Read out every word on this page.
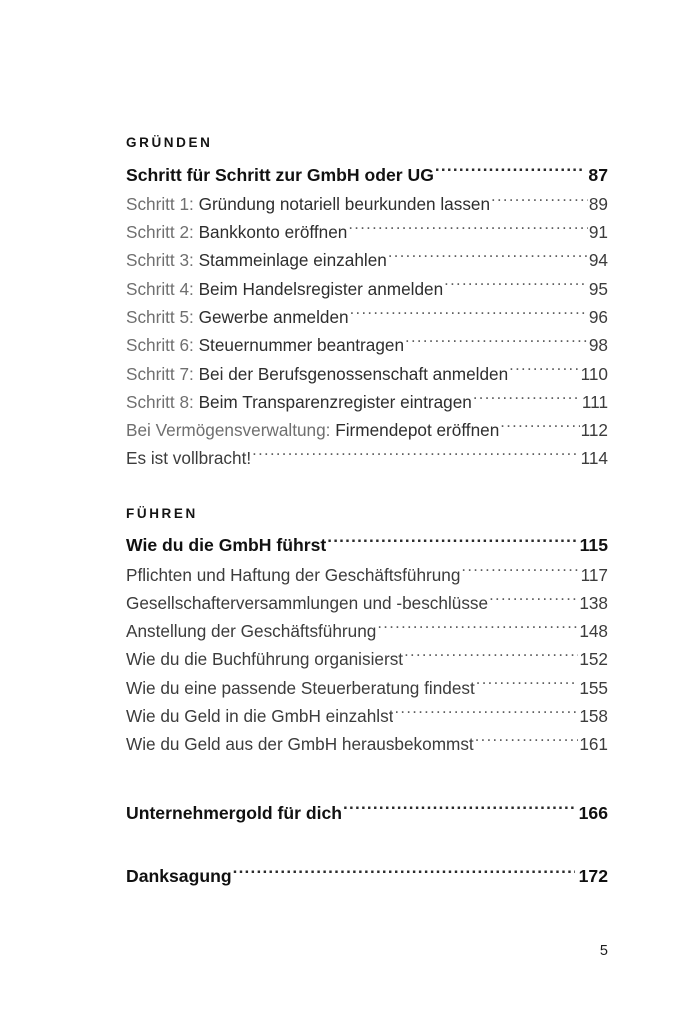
GRÜNDEN
Schritt für Schritt zur GmbH oder UG .....	87
Schritt 1: Gründung notariell beurkunden lassen .....	89
Schritt 2: Bankkonto eröffnen .....	91
Schritt 3: Stammeinlage einzahlen .....	94
Schritt 4: Beim Handelsregister anmelden .....	95
Schritt 5: Gewerbe anmelden .....	96
Schritt 6: Steuernummer beantragen .....	98
Schritt 7: Bei der Berufsgenossenschaft anmelden .....	110
Schritt 8: Beim Transparenzregister eintragen .....	111
Bei Vermögensverwaltung: Firmendepot eröffnen .....	112
Es ist vollbracht! .....	114
FÜHREN
Wie du die GmbH führst .....	115
Pflichten und Haftung der Geschäftsführung .....	117
Gesellschafterversammlungen und -beschlüsse .....	138
Anstellung der Geschäftsführung .....	148
Wie du die Buchführung organisierst .....	152
Wie du eine passende Steuerberatung findest .....	155
Wie du Geld in die GmbH einzahlst .....	158
Wie du Geld aus der GmbH herausbekommst .....	161
Unternehmergold für dich .....	166
Danksagung .....	172
5
